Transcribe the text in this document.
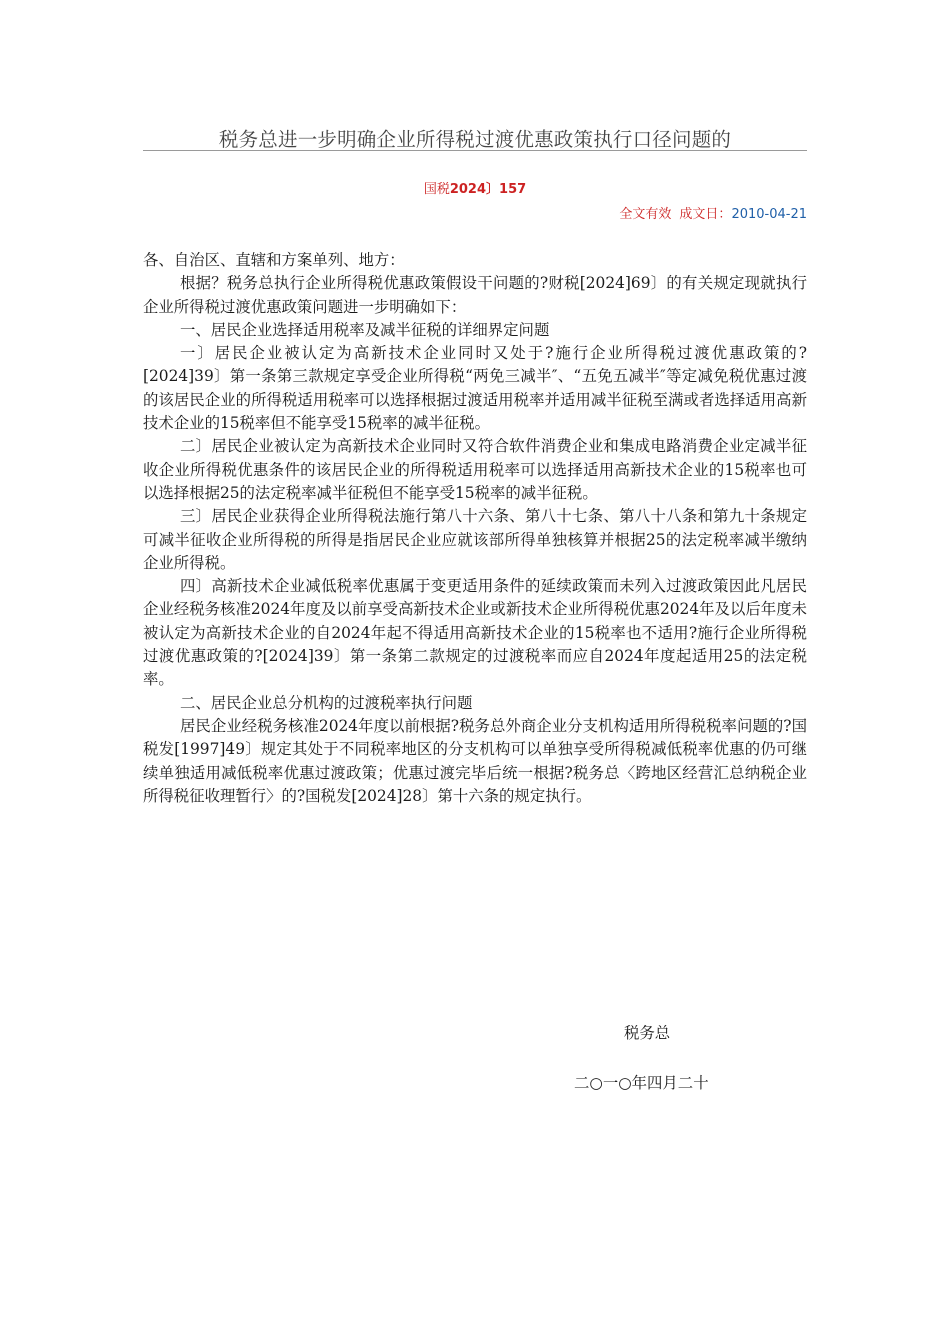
税务总进一步明确企业所得税过渡优惠政策执行口径问题的
国税2024〕157
全文有效 成文日：2010-04-21

各、自治区、直辖和方案单列、地方：

根据？税务总执行企业所得税优惠政策假设干问题的?财税[2024]69〕的有关规定现就执行企业所得税过渡优惠政策问题进一步明确如下：

一、居民企业选择适用税率及减半征税的详细界定问题

一〕居民企业被认定为高新技术企业同时又处于?施行企业所得税过渡优惠政策的?[2024]39〕第一条第三款规定享受企业所得税“两免三减半″、“五免五减半″等定减免税优惠过渡的该居民企业的所得税适用税率可以选择根据过渡适用税率并适用减半征税至满或者选择适用高新技术企业的15税率但不能享受15税率的减半征税。

二〕居民企业被认定为高新技术企业同时又符合软件消费企业和集成电路消费企业定减半征收企业所得税优惠条件的该居民企业的所得税适用税率可以选择适用高新技术企业的15税率也可以选择根据25的法定税率减半征税但不能享受15税率的减半征税。

三〕居民企业获得企业所得税法施行第八十六条、第八十七条、第八十八条和第九十条规定可减半征收企业所得税的所得是指居民企业应就该部所得单独核算并根据25的法定税率减半缴纳企业所得税。

四〕高新技术企业减低税率优惠属于变更适用条件的延续政策而未列入过渡政策因此凡居民企业经税务核准2024年度及以前享受高新技术企业或新技术企业所得税优惠2024年及以后年度未被认定为高新技术企业的自2024年起不得适用高新技术企业的15税率也不适用?施行企业所得税过渡优惠政策的?[2024]39〕第一条第二款规定的过渡税率而应自2024年度起适用25的法定税率。

二、居民企业总分机构的过渡税率执行问题

居民企业经税务核准2024年度以前根据?税务总外商企业分支机构适用所得税税率问题的?国税发[1997]49〕规定其处于不同税率地区的分支机构可以单独享受所得税减低税率优惠的仍可继续单独适用减低税率优惠过渡政策；优惠过渡完毕后统一根据?税务总〈跨地区经营汇总纳税企业所得税征收理暂行〉的?国税发[2024]28〕第十六条的规定执行。

税务总
二○一○年四月二十
